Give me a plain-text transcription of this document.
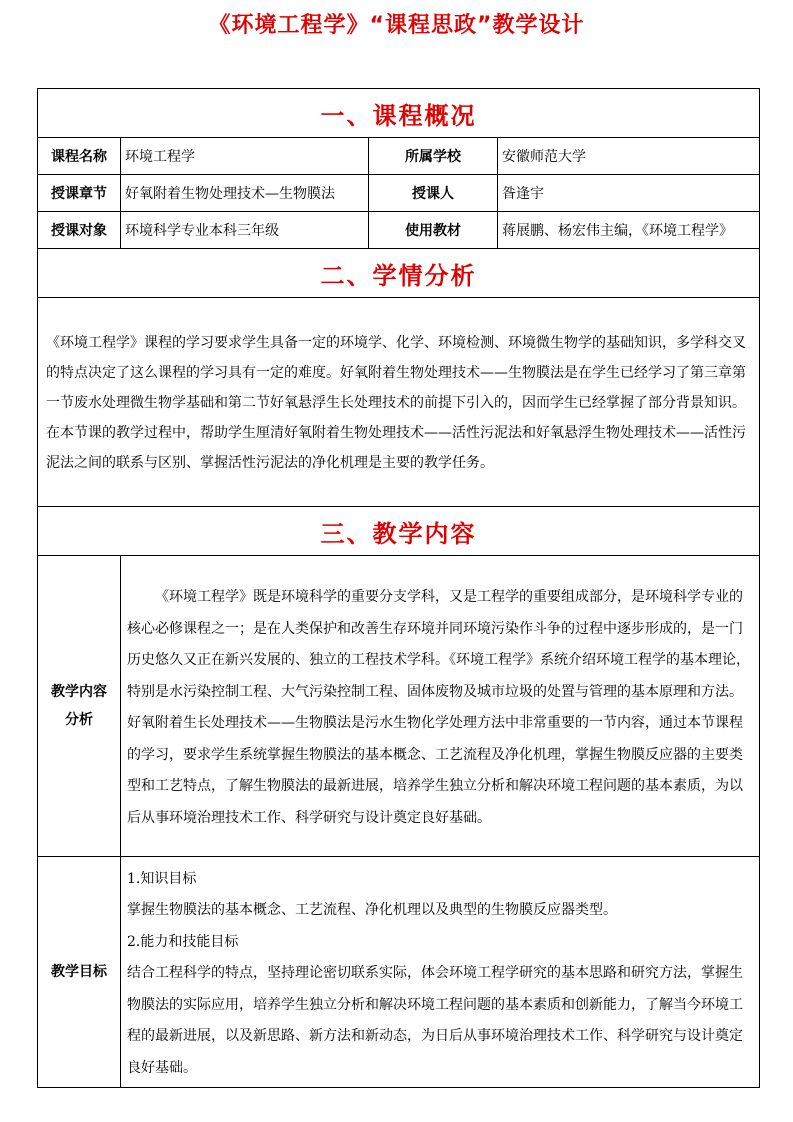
《环境工程学》“课程思政”教学设计
一、课程概况			
课程名称	环境工程学	所属学校	安徽师范大学
授课章节	好氧附着生物处理技术—生物膜法	授课人	昝逢宇
授课对象	环境科学专业本科三年级	使用教材	蒋展鹏、杨宏伟主编，《环境工程学》
二、学情分析			
《环境工程学》课程的学习要求学生具备一定的环境学、化学、环境检测、环境微生物学的基础知识，多学科交叉的特点决定了这么课程的学习具有一定的难度。好氧附着生物处理技术——生物膜法是在学生已经学习了第三章第一节废水处理微生物学基础和第二节好氧悬浮生长处理技术的前提下引入的，因而学生已经掌握了部分背景知识。在本节课的教学过程中，帮助学生厘清好氧附着生物处理技术——活性污泥法和好氧悬浮生物处理技术——活性污泥法之间的联系与区别、掌握活性污泥法的净化机理是主要的教学任务。			
三、教学内容			

教学内容
分析	《环境工程学》既是环境科学的重要分支学科，又是工程学的重要组成部分，是环境科学专业的核心必修课程之一；是在人类保护和改善生存环境并同环境污染作斗争的过程中逐步形成的，是一门历史悠久又正在新兴发展的、独立的工程技术学科。《环境工程学》系统介绍环境工程学的基本理论，特别是水污染控制工程、大气污染控制工程、固体废物及城市垃圾的处置与管理的基本原理和方法。好氧附着生长处理技术——生物膜法是污水生物化学处理方法中非常重要的一节内容，通过本节课程的学习，要求学生系统掌握生物膜法的基本概念、工艺流程及净化机理，掌握生物膜反应器的主要类型和工艺特点，了解生物膜法的最新进展，培养学生独立分析和解决环境工程问题的基本素质，为以后从事环境治理技术工作、科学研究与设计奠定良好基础。		
教学目标	1.知识目标

掌握生物膜法的基本概念、工艺流程、净化机理以及典型的生物膜反应器类型。

2.能力和技能目标

结合工程科学的特点，坚持理论密切联系实际，体会环境工程学研究的基本思路和研究方法，掌握生物膜法的实际应用，培养学生独立分析和解决环境工程问题的基本素质和创新能力，了解当今环境工程的最新进展，以及新思路、新方法和新动态，为日后从事环境治理技术工作、科学研究与设计奠定良好基础。		
